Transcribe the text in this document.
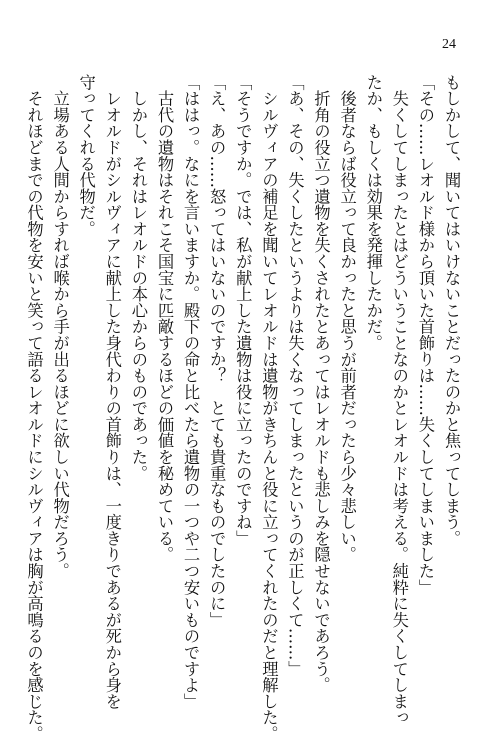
24
もしかして、聞いてはいけないことだったのかと焦ってしまう。
「その……レオルド様から頂いた首飾りは……失くしてしまいました」
　失くしてしまったとはどういうことなのかとレオルドは考える。純粋に失くしてしまっ
たか、もしくは効果を発揮したかだ。
　後者ならば役立って良かったと思うが前者だったら少々悲しい。
　折角の役立つ遺物を失くされたとあってはレオルドも悲しみを隠せないであろう。
「あ、その、失くしたというよりは失くなってしまったというのが正しくて……」
　シルヴィアの補足を聞いてレオルドは遺物がきちんと役に立ってくれたのだと理解した。
「そうですか。では、私が献上した遺物は役に立ったのですね」
「え、あの……怒ってはいないのですか？　とても貴重なものでしたのに」
「ははっ。なにを言いますか。殿下の命と比べたら遺物の一つや二つ安いものですよ」
　古代の遺物はそれこそ国宝に匹敵するほどの価値を秘めている。
　しかし、それはレオルドの本心からのものであった。
　レオルドがシルヴィアに献上した身代わりの首飾りは、一度きりであるが死から身を
守ってくれる代物だ。
　立場ある人間からすれば喉から手が出るほどに欲しい代物だろう。
　それほどまでの代物を安いと笑って語るレオルドにシルヴィアは胸が高鳴るのを感じた。
